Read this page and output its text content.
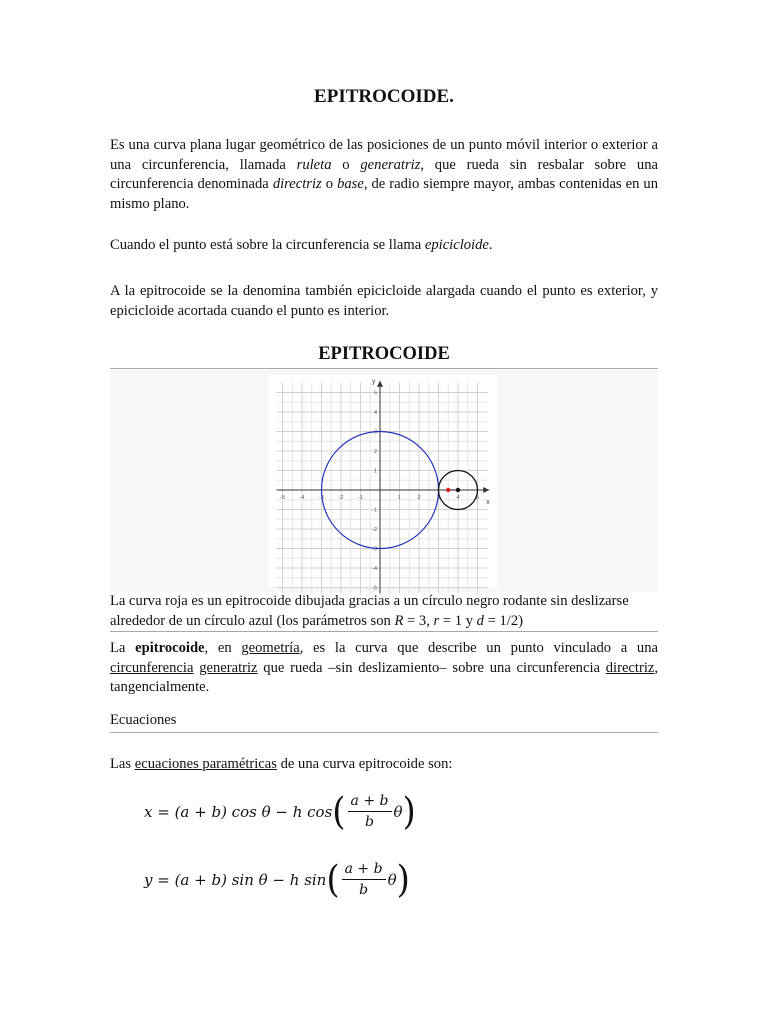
EPITROCOIDE.
Es una curva plana lugar geométrico de las posiciones de un punto móvil interior o exterior a una circunferencia, llamada ruleta o generatriz, que rueda sin resbalar sobre una circunferencia denominada directriz o base, de radio siempre mayor, ambas contenidas en un mismo plano.
Cuando el punto está sobre la circunferencia se llama epicicloide.
A la epitrocoide se la denomina también epicicloide alargada cuando el punto es exterior, y epicicloide acortada cuando el punto es interior.
EPITROCOIDE
x
y
-5	-4	-3	-2	-1	1	2	3	4	5
5
4
3
2
1
-1
-2
-3
-4
-5
La curva roja es un epitrocoide dibujada gracias a un círculo negro rodante sin deslizarse alrededor de un círculo azul (los parámetros son R = 3, r = 1 y d = 1/2)
La epitrocoide, en geometría, es la curva que describe un punto vinculado a una circunferencia generatriz que rueda –sin deslizamiento– sobre una circunferencia directriz, tangencialmente.
Ecuaciones
Las ecuaciones paramétricas de una curva epitrocoide son:
x = (a + b) cos θ − h cos ( $\frac{a + b}{b}$ θ )
y = (a + b) sin θ − h sin ( $\frac{a + b}{b}$ θ )
